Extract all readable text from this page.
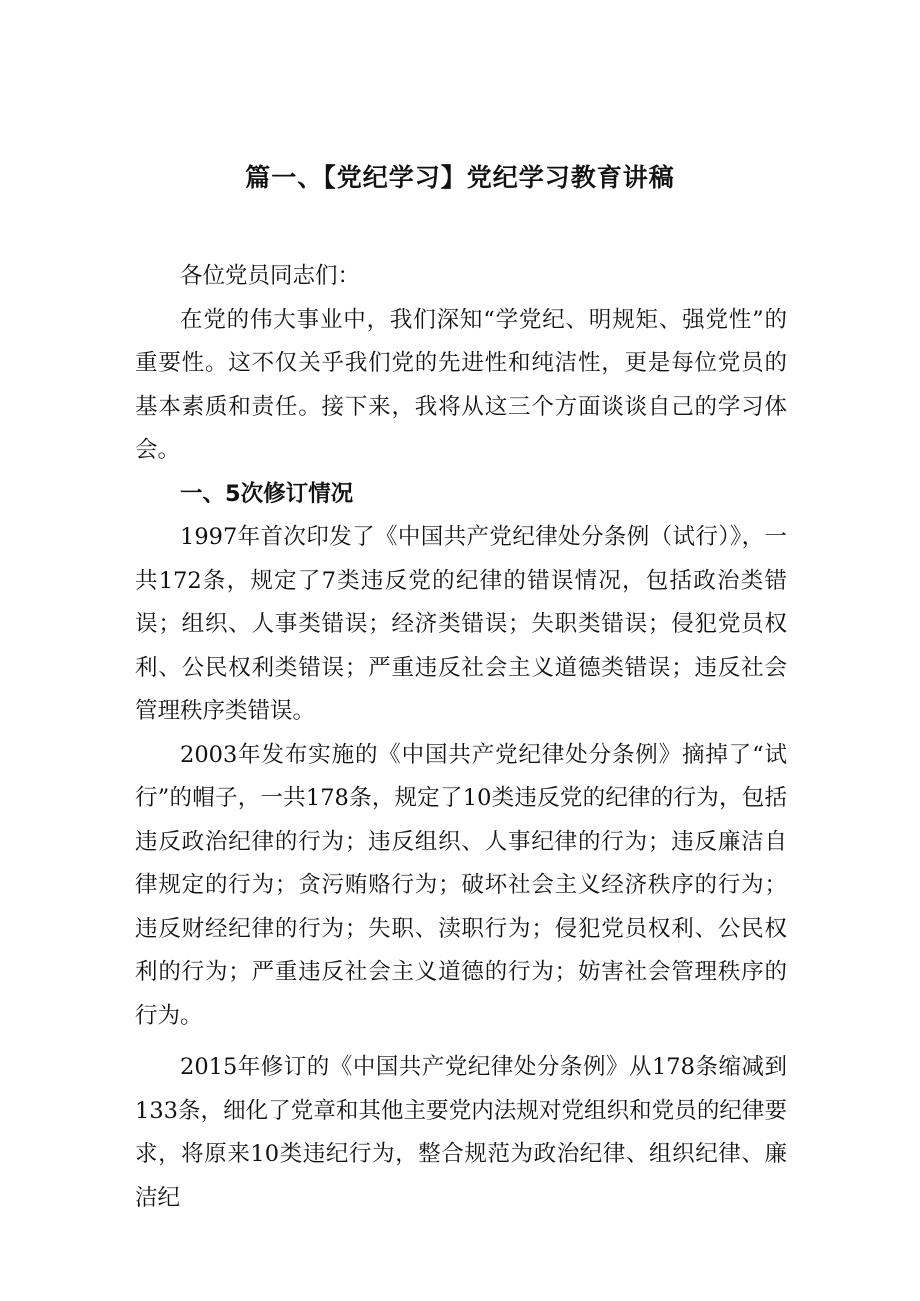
篇一、【党纪学习】党纪学习教育讲稿

各位党员同志们：

在党的伟大事业中，我们深知“学党纪、明规矩、强党性”的重要性。这不仅关乎我们党的先进性和纯洁性，更是每位党员的基本素质和责任。接下来，我将从这三个方面谈谈自己的学习体会。

一、5次修订情况

1997年首次印发了《中国共产党纪律处分条例（试行）》，一共172条，规定了7类违反党的纪律的错误情况，包括政治类错误；组织、人事类错误；经济类错误；失职类错误；侵犯党员权利、公民权利类错误；严重违反社会主义道德类错误；违反社会管理秩序类错误。

2003年发布实施的《中国共产党纪律处分条例》摘掉了“试行”的帽子，一共178条，规定了10类违反党的纪律的行为，包括违反政治纪律的行为；违反组织、人事纪律的行为；违反廉洁自律规定的行为；贪污贿赂行为；破坏社会主义经济秩序的行为；违反财经纪律的行为；失职、渎职行为；侵犯党员权利、公民权利的行为；严重违反社会主义道德的行为；妨害社会管理秩序的行为。

2015年修订的《中国共产党纪律处分条例》从178条缩减到133条，细化了党章和其他主要党内法规对党组织和党员的纪律要求，将原来10类违纪行为，整合规范为政治纪律、组织纪律、廉洁纪
